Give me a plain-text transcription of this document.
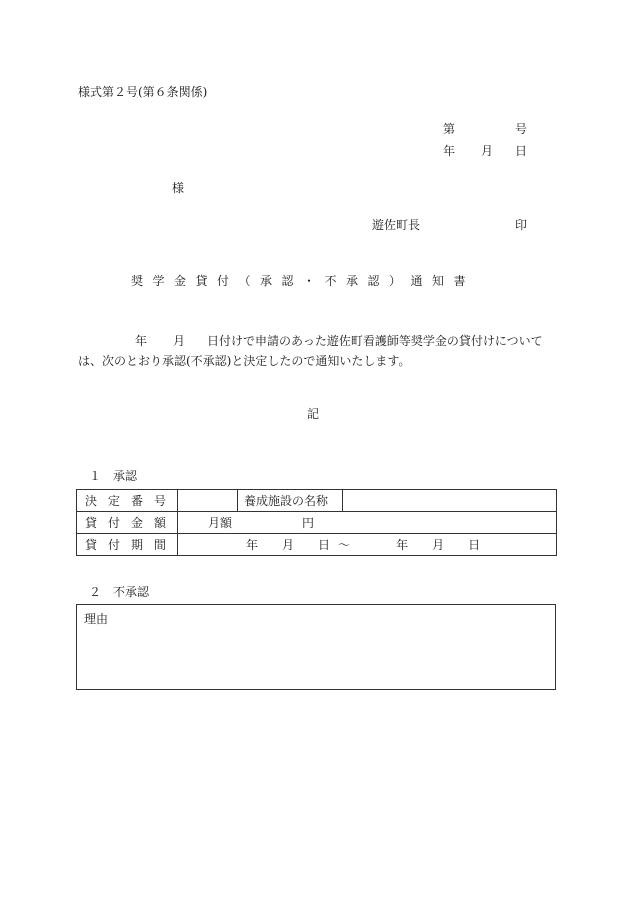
様式第２号(第６条関係)
第	号
年 月 日
様
遊佐町長	印
奨学金貸付（承認・不承認）通知書
年 月 日付けで申請のあった遊佐町看護師等奨学金の貸付けについては、次のとおり承認(不承認)と決定したので通知いたします。
記
１　承認
決定番号		養成施設の名称	
貸付金額	月額 円		
貸付期間	年 月 日 ～ 年 月 日		
２　不承認
理由
